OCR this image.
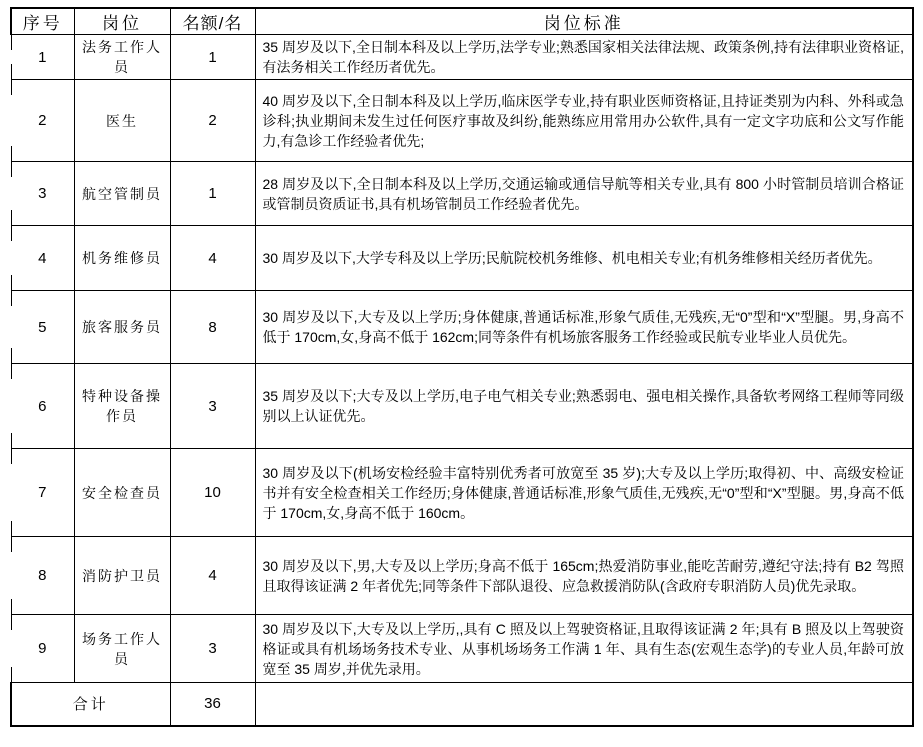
序号	岗位	名额/名	岗位标准
1	法务工作人员	1	35 周岁及以下,全日制本科及以上学历,法学专业;熟悉国家相关法律法规、政策条例,持有法律职业资格证,有法务相关工作经历者优先。
2	医生	2	40 周岁及以下,全日制本科及以上学历,临床医学专业,持有职业医师资格证,且持证类别为内科、外科或急诊科;执业期间未发生过任何医疗事故及纠纷,能熟练应用常用办公软件,具有一定文字功底和公文写作能力,有急诊工作经验者优先;
3	航空管制员	1	28 周岁及以下,全日制本科及以上学历,交通运输或通信导航等相关专业,具有 800 小时管制员培训合格证或管制员资质证书,具有机场管制员工作经验者优先。
4	机务维修员	4	30 周岁及以下,大学专科及以上学历;民航院校机务维修、机电相关专业;有机务维修相关经历者优先。
5	旅客服务员	8	30 周岁及以下,大专及以上学历;身体健康,普通话标准,形象气质佳,无残疾,无“0”型和“X”型腿。男,身高不低于 170cm,女,身高不低于 162cm;同等条件有机场旅客服务工作经验或民航专业毕业人员优先。
6	特种设备操作员	3	35 周岁及以下;大专及以上学历,电子电气相关专业;熟悉弱电、强电相关操作,具备软考网络工程师等同级别以上认证优先。
7	安全检查员	10	30 周岁及以下(机场安检经验丰富特别优秀者可放宽至 35 岁);大专及以上学历;取得初、中、高级安检证书并有安全检查相关工作经历;身体健康,普通话标准,形象气质佳,无残疾,无“0”型和“X”型腿。男,身高不低于 170cm,女,身高不低于 160cm。
8	消防护卫员	4	30 周岁及以下,男,大专及以上学历;身高不低于 165cm;热爱消防事业,能吃苦耐劳,遵纪守法;持有 B2 驾照且取得该证满 2 年者优先;同等条件下部队退役、应急救援消防队(含政府专职消防人员)优先录取。
9	场务工作人员	3	30 周岁及以下,大专及以上学历,,具有 C 照及以上驾驶资格证,且取得该证满 2 年;具有 B 照及以上驾驶资格证或具有机场场务技术专业、从事机场场务工作满 1 年、具有生态(宏观生态学)的专业人员,年龄可放宽至 35 周岁,并优先录用。
合计		36	
